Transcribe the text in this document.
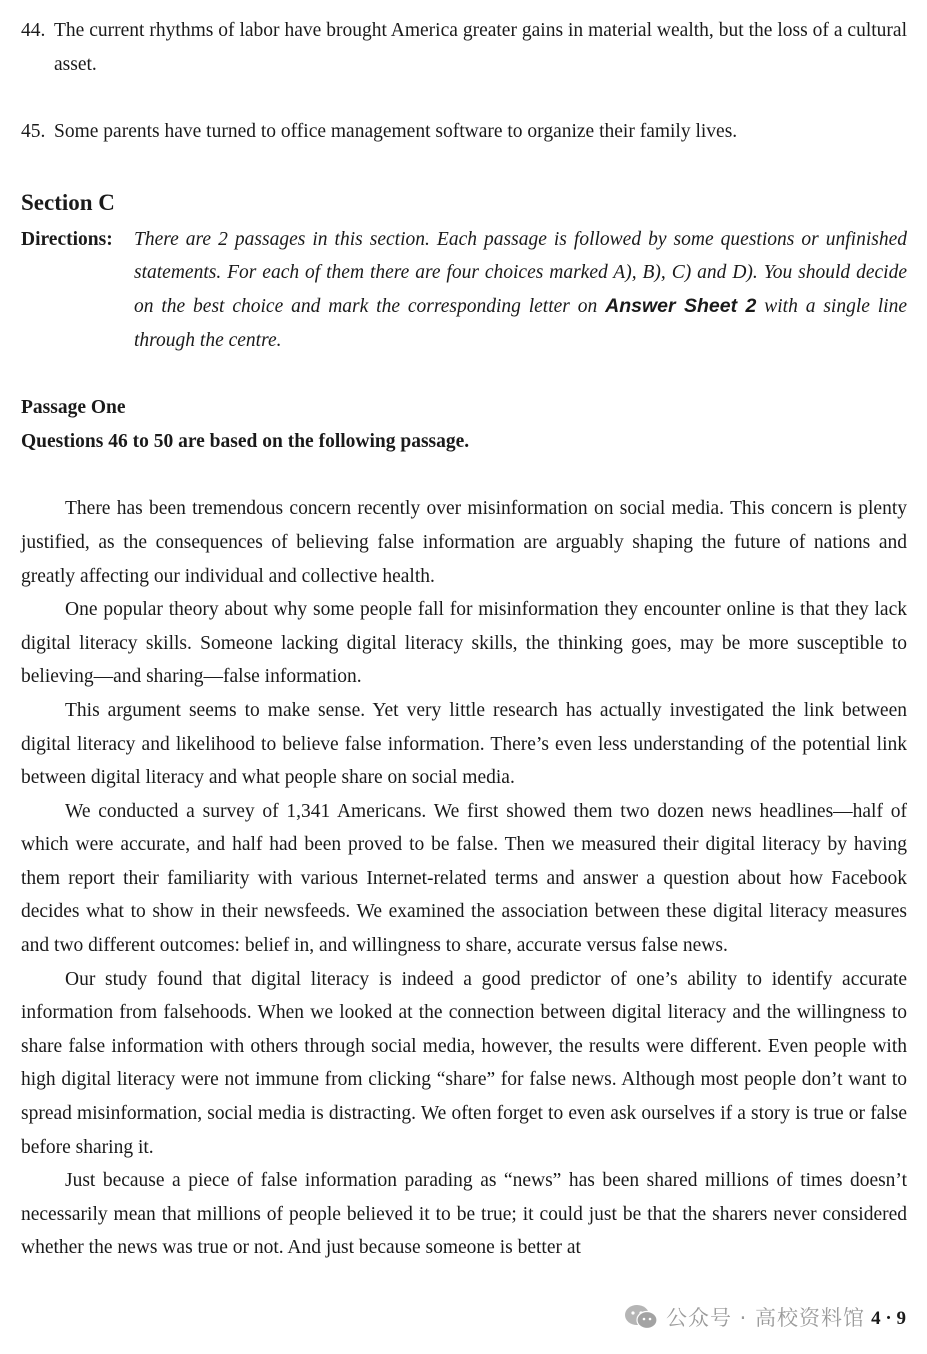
44. The current rhythms of labor have brought America greater gains in material wealth, but the loss of a cultural asset.
45. Some parents have turned to office management software to organize their family lives.
Section C
Directions: There are 2 passages in this section. Each passage is followed by some questions or unfinished statements. For each of them there are four choices marked A), B), C) and D). You should decide on the best choice and mark the corresponding letter on Answer Sheet 2 with a single line through the centre.
Passage One
Questions 46 to 50 are based on the following passage.
There has been tremendous concern recently over misinformation on social media. This concern is plenty justified, as the consequences of believing false information are arguably shaping the future of nations and greatly affecting our individual and collective health.
One popular theory about why some people fall for misinformation they encounter online is that they lack digital literacy skills. Someone lacking digital literacy skills, the thinking goes, may be more susceptible to believing—and sharing—false information.
This argument seems to make sense. Yet very little research has actually investigated the link between digital literacy and likelihood to believe false information. There’s even less understanding of the potential link between digital literacy and what people share on social media.
We conducted a survey of 1,341 Americans. We first showed them two dozen news headlines—half of which were accurate, and half had been proved to be false. Then we measured their digital literacy by having them report their familiarity with various Internet-related terms and answer a question about how Facebook decides what to show in their newsfeeds. We examined the association between these digital literacy measures and two different outcomes: belief in, and willingness to share, accurate versus false news.
Our study found that digital literacy is indeed a good predictor of one’s ability to identify accurate information from falsehoods. When we looked at the connection between digital literacy and the willingness to share false information with others through social media, however, the results were different. Even people with high digital literacy were not immune from clicking “share” for false news. Although most people don’t want to spread misinformation, social media is distracting. We often forget to even ask ourselves if a story is true or false before sharing it.
Just because a piece of false information parading as “news” has been shared millions of times doesn’t necessarily mean that millions of people believed it to be true; it could just be that the sharers never considered whether the news was true or not. And just because someone is better at
公众号 · 高校资料馆 4 · 9
